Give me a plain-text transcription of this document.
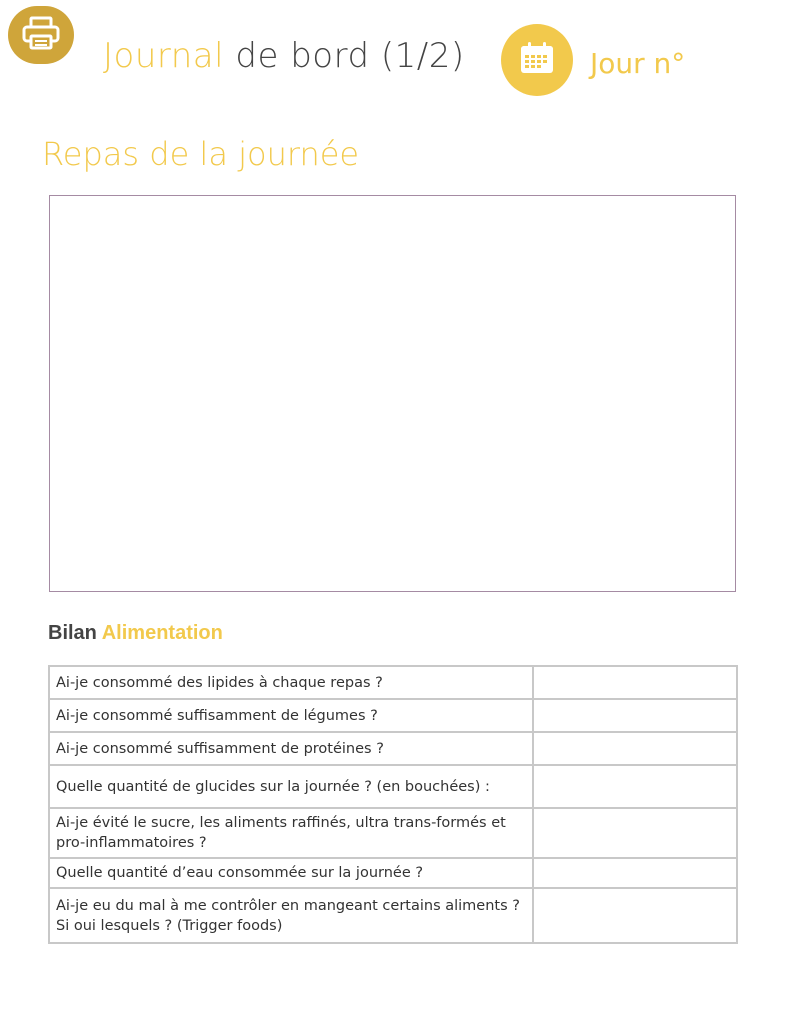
Journal de bord (1/2)	Jour n°
Repas de la journée
Bilan Alimentation
Ai-je consommé des lipides à chaque repas ?	
Ai-je consommé suffisamment de légumes ?	
Ai-je consommé suffisamment de protéines ?	
Quelle quantité de glucides sur la journée ? (en bouchées) :	
Ai-je évité le sucre, les aliments raffinés, ultra trans-formés et pro-inflammatoires ?	
Quelle quantité d’eau consommée sur la journée ?	
Ai-je eu du mal à me contrôler en mangeant certains aliments ? Si oui lesquels ? (Trigger foods)	
